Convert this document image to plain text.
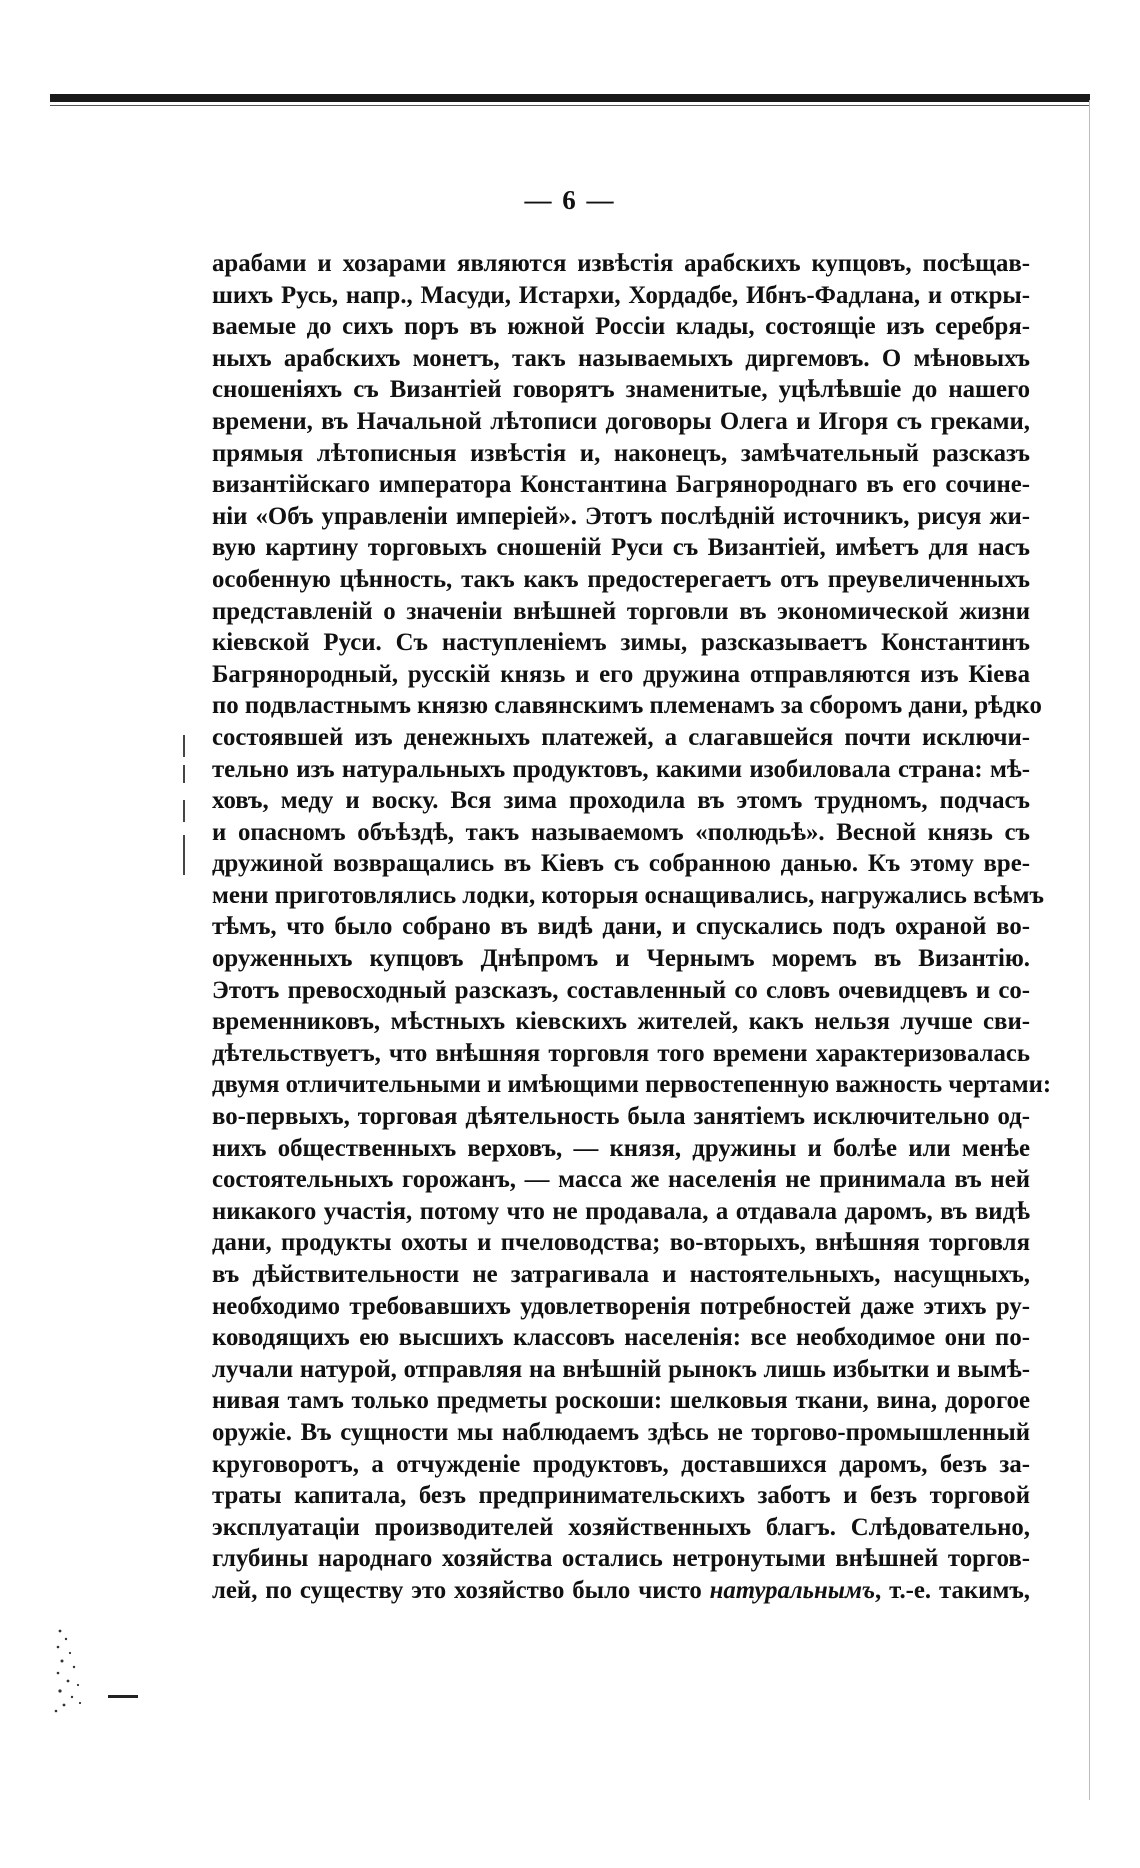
— 6 —
арабами и хозарами являются извѣстія арабскихъ купцовъ, посѣщав-
шихъ Русь, напр., Масуди, Истархи, Хордадбе, Ибнъ-Фадлана, и откры-
ваемые до сихъ поръ въ южной Россіи клады, состоящіе изъ серебря-
ныхъ арабскихъ монетъ, такъ называемыхъ диргемовъ. О мѣновыхъ
сношеніяхъ съ Византіей говорятъ знаменитые, уцѣлѣвшіе до нашего
времени, въ Начальной лѣтописи договоры Олега и Игоря съ греками,
прямыя лѣтописныя извѣстія и, наконецъ, замѣчательный разсказъ
византійскаго императора Константина Багрянороднаго въ его сочине-
ніи «Объ управленіи имперіей». Этотъ послѣдній источникъ, рисуя жи-
вую картину торговыхъ сношеній Руси съ Византіей, имѣетъ для насъ
особенную цѣнность, такъ какъ предостерегаетъ отъ преувеличенныхъ
представленій о значеніи внѣшней торговли въ экономической жизни
кіевской Руси. Съ наступленіемъ зимы, разсказываетъ Константинъ
Багрянородный, русскій князь и его дружина отправляются изъ Кіева
по подвластнымъ князю славянскимъ племенамъ за сборомъ дани, рѣдко
состоявшей изъ денежныхъ платежей, а слагавшейся почти исключи-
тельно изъ натуральныхъ продуктовъ, какими изобиловала страна: мѣ-
ховъ, меду и воску. Вся зима проходила въ этомъ трудномъ, подчасъ
и опасномъ объѣздѣ, такъ называемомъ «полюдьѣ». Весной князь съ
дружиной возвращались въ Кіевъ съ собранною данью. Къ этому вре-
мени приготовлялись лодки, которыя оснащивались, нагружались всѣмъ
тѣмъ, что было собрано въ видѣ дани, и спускались подъ охраной во-
оруженныхъ купцовъ Днѣпромъ и Чернымъ моремъ въ Византію.
Этотъ превосходный разсказъ, составленный со словъ очевидцевъ и со-
временниковъ, мѣстныхъ кіевскихъ жителей, какъ нельзя лучше сви-
дѣтельствуетъ, что внѣшняя торговля того времени характеризовалась
двумя отличительными и имѣющими первостепенную важность чертами:
во-первыхъ, торговая дѣятельность была занятіемъ исключительно од-
нихъ общественныхъ верховъ, — князя, дружины и болѣе или менѣе
состоятельныхъ горожанъ, — масса же населенія не принимала въ ней
никакого участія, потому что не продавала, а отдавала даромъ, въ видѣ
дани, продукты охоты и пчеловодства; во-вторыхъ, внѣшняя торговля
въ дѣйствительности не затрагивала и настоятельныхъ, насущныхъ,
необходимо требовавшихъ удовлетворенія потребностей даже этихъ ру-
ководящихъ ею высшихъ классовъ населенія: все необходимое они по-
лучали натурой, отправляя на внѣшній рынокъ лишь избытки и вымѣ-
нивая тамъ только предметы роскоши: шелковыя ткани, вина, дорогое
оружіе. Въ сущности мы наблюдаемъ здѣсь не торгово-промышленный
круговоротъ, а отчужденіе продуктовъ, доставшихся даромъ, безъ за-
траты капитала, безъ предпринимательскихъ заботъ и безъ торговой
эксплуатаціи производителей хозяйственныхъ благъ. Слѣдовательно,
глубины народнаго хозяйства остались нетронутыми внѣшней торгов-
лей, по существу это хозяйство было чисто натуральнымъ, т.-е. такимъ,
